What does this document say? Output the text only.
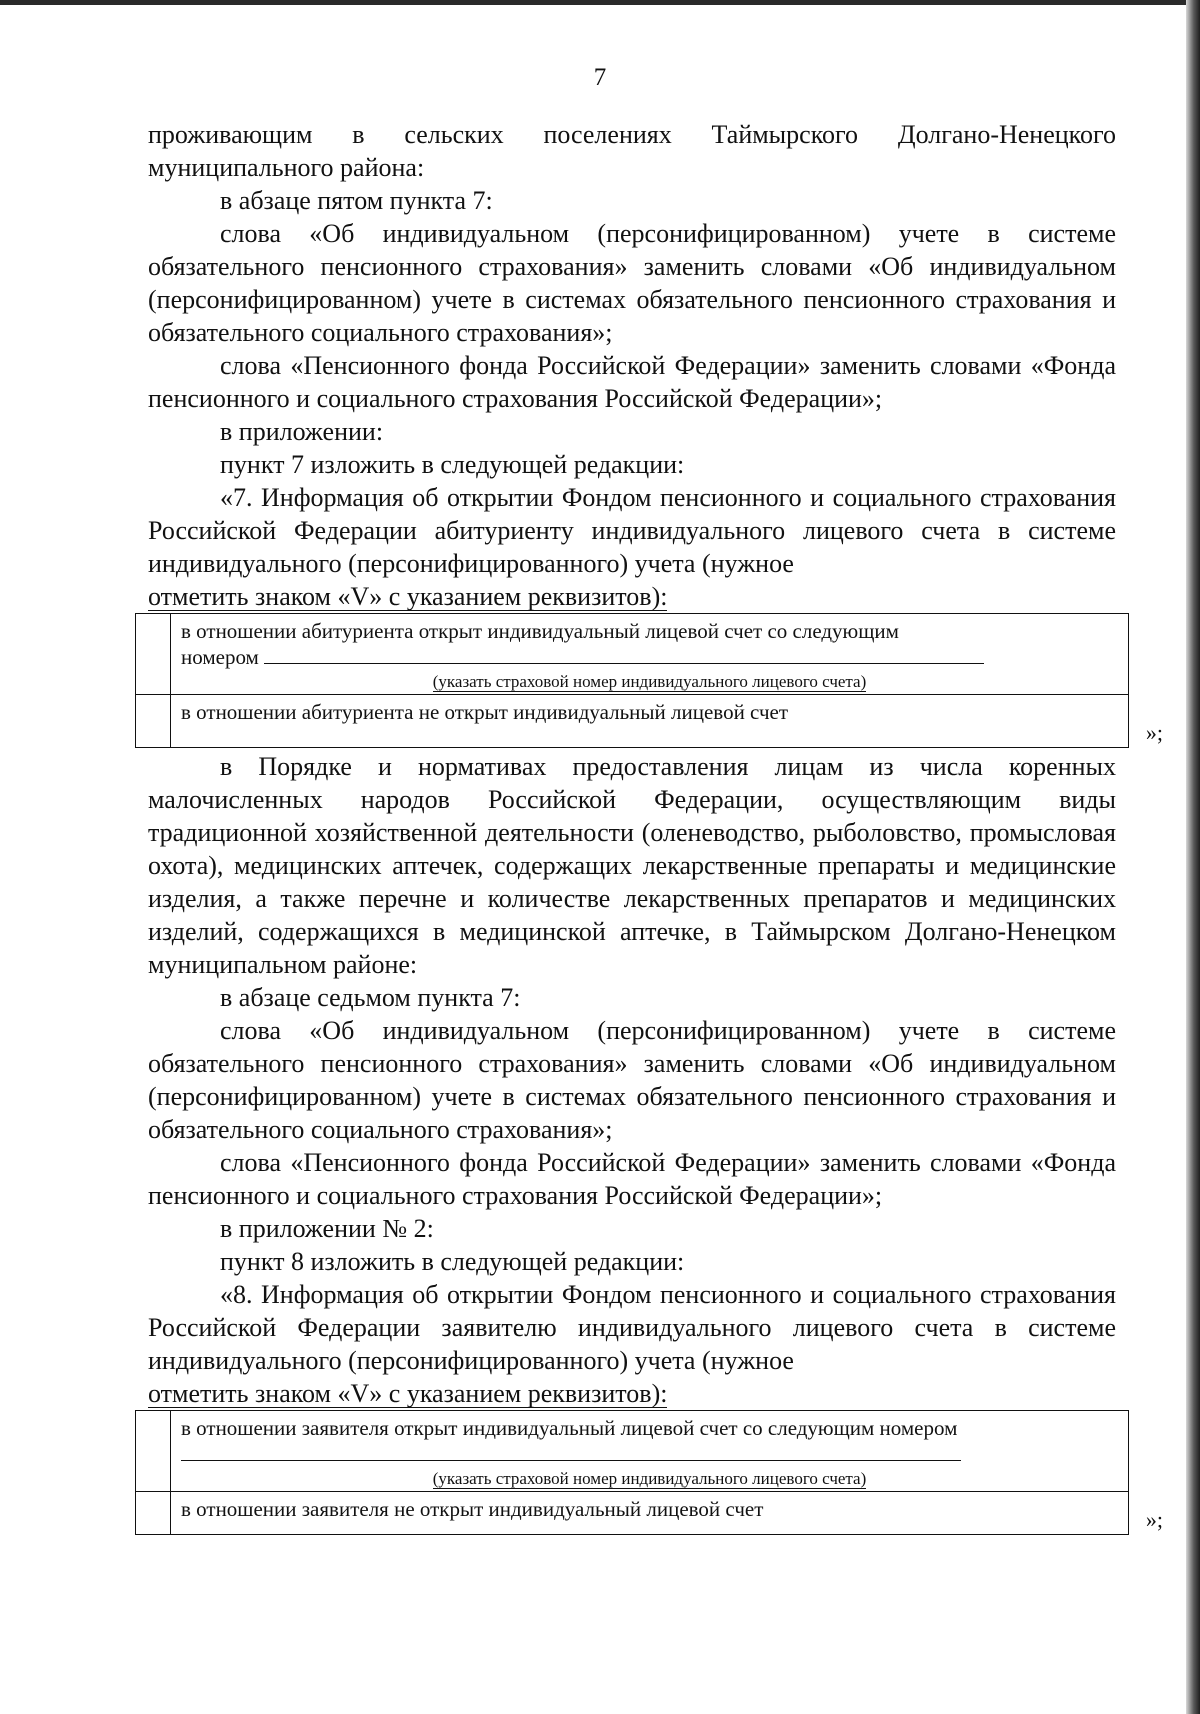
7

проживающим в сельских поселениях Таймырского Долгано-Ненецкого муниципального района:

в абзаце пятом пункта 7:

слова «Об индивидуальном (персонифицированном) учете в системе обязательного пенсионного страхования» заменить словами «Об индивидуальном (персонифицированном) учете в системах обязательного пенсионного страхования и обязательного социального страхования»;

слова «Пенсионного фонда Российской Федерации» заменить словами «Фонда пенсионного и социального страхования Российской Федерации»;

в приложении:

пункт 7 изложить в следующей редакции:

«7. Информация об открытии Фондом пенсионного и социального страхования Российской Федерации абитуриенту индивидуального лицевого счета в системе индивидуального (персонифицированного) учета (нужное

отметить знаком «V» с указанием реквизитов):

	в отношении абитуриента открыт индивидуальный лицевой счет со следующим
номером
(указать страховой номер индивидуального лицевого счета)

	в отношении абитуриента не открыт индивидуальный лицевой счет
»;

в Порядке и нормативах предоставления лицам из числа коренных малочисленных народов Российской Федерации, осуществляющим виды традиционной хозяйственной деятельности (оленеводство, рыболовство, промысловая охота), медицинских аптечек, содержащих лекарственные препараты и медицинские изделия, а также перечне и количестве лекарственных препаратов и медицинских изделий, содержащихся в медицинской аптечке, в Таймырском Долгано-Ненецком муниципальном районе:

в абзаце седьмом пункта 7:

слова «Об индивидуальном (персонифицированном) учете в системе обязательного пенсионного страхования» заменить словами «Об индивидуальном (персонифицированном) учете в системах обязательного пенсионного страхования и обязательного социального страхования»;

слова «Пенсионного фонда Российской Федерации» заменить словами «Фонда пенсионного и социального страхования Российской Федерации»;

в приложении № 2:

пункт 8 изложить в следующей редакции:

«8. Информация об открытии Фондом пенсионного и социального страхования Российской Федерации заявителю индивидуального лицевого счета в системе индивидуального (персонифицированного) учета (нужное

отметить знаком «V» с указанием реквизитов):

	в отношении заявителя открыт индивидуальный лицевой счет со следующим номером
(указать страховой номер индивидуального лицевого счета)

	в отношении заявителя не открыт индивидуальный лицевой счет	»;
